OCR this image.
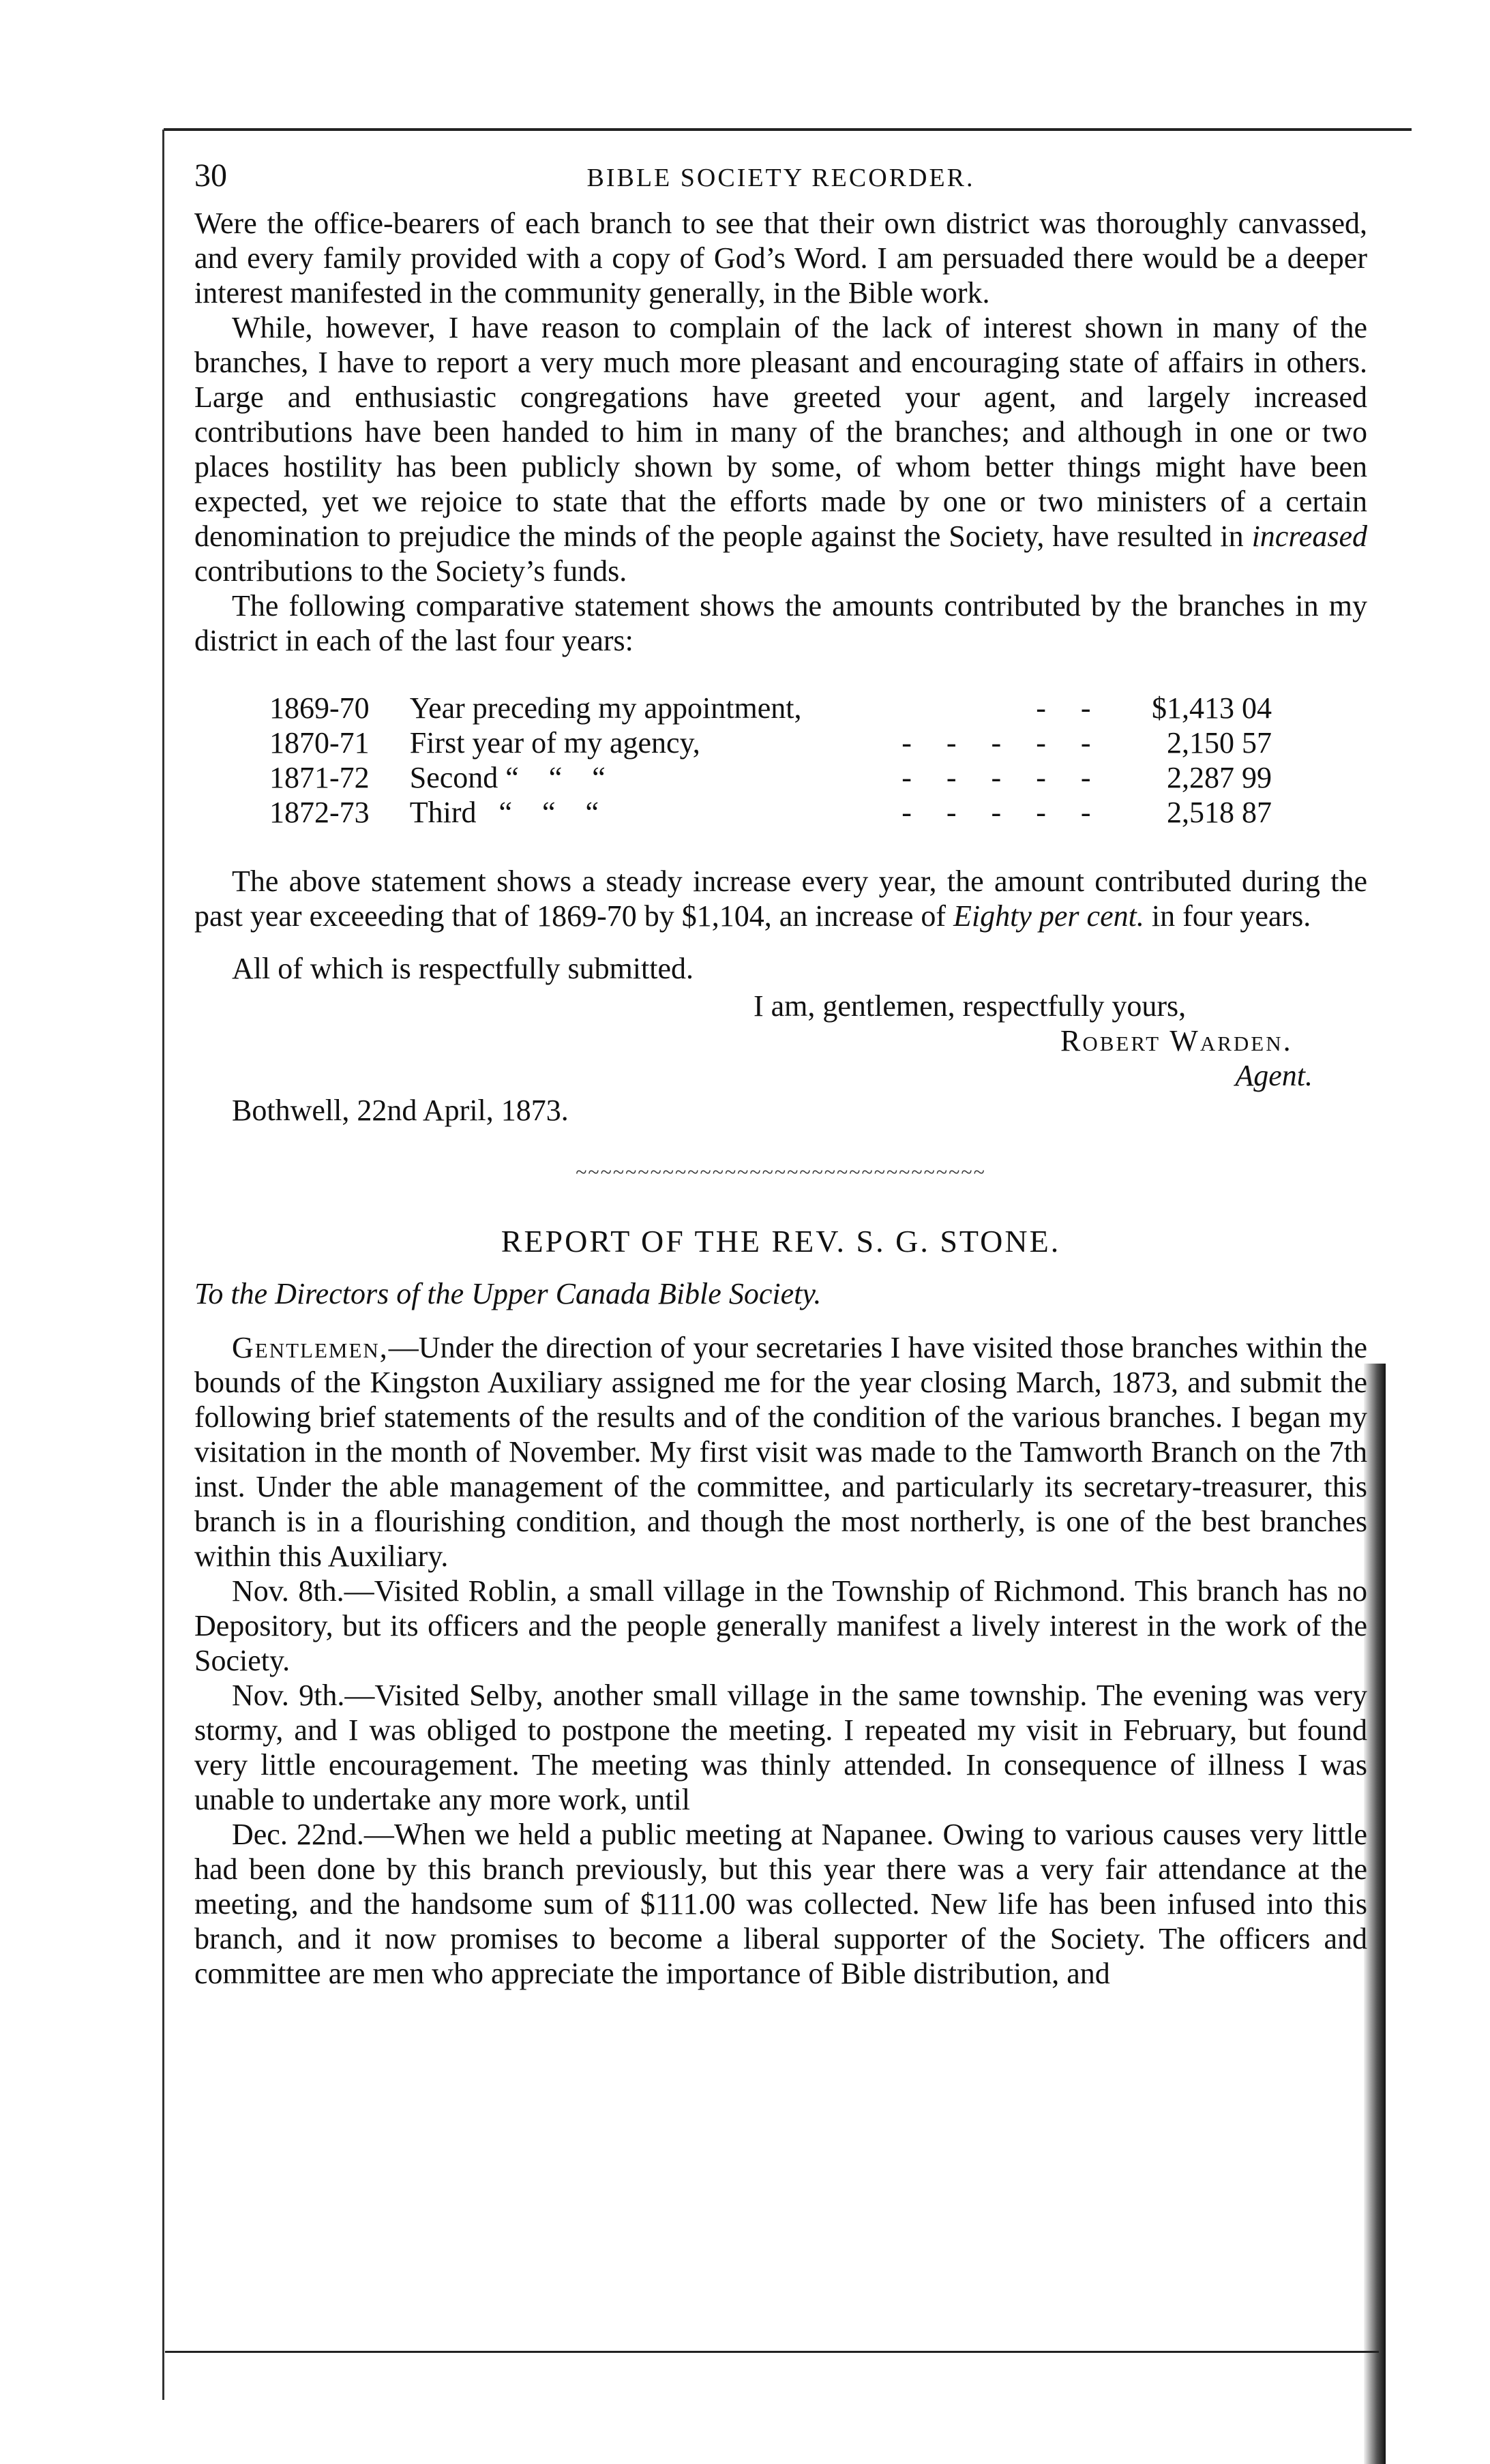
30	BIBLE SOCIETY RECORDER.

Were the office-bearers of each branch to see that their own district was thoroughly canvassed, and every family provided with a copy of God’s Word. I am persuaded there would be a deeper interest manifested in the community generally, in the Bible work.

While, however, I have reason to complain of the lack of interest shown in many of the branches, I have to report a very much more pleasant and encouraging state of affairs in others. Large and enthusiastic congregations have greeted your agent, and largely increased contributions have been handed to him in many of the branches; and although in one or two places hostility has been publicly shown by some, of whom better things might have been expected, yet we rejoice to state that the efforts made by one or two ministers of a certain denomination to prejudice the minds of the people against the Society, have resulted in increased contributions to the Society’s funds.

The following comparative statement shows the amounts contributed by the branches in my district in each of the last four years:

1869-70	Year preceding my appointment,	- -	$1,413 04
1870-71	First year of my agency,	- - - - -	2,150 57
1871-72	Second “    “    “	- - - - -	2,287 99
1872-73	Third   “    “    “	- - - - -	2,518 87

The above statement shows a steady increase every year, the amount contributed during the past year exceeeding that of 1869-70 by $1,104, an increase of Eighty per cent. in four years.

All of which is respectfully submitted.

I am, gentlemen, respectfully yours,
Robert Warden.
Agent.
Bothwell, 22nd April, 1873.
~~~~~~~~~~~~~~~~~~~~~~~~~~~~~~~~~
REPORT OF THE REV. S. G. STONE.
To the Directors of the Upper Canada Bible Society.

Gentlemen,—Under the direction of your secretaries I have visited those branches within the bounds of the Kingston Auxiliary assigned me for the year closing March, 1873, and submit the following brief statements of the results and of the condition of the various branches. I began my visitation in the month of November. My first visit was made to the Tamworth Branch on the 7th inst. Under the able management of the committee, and particularly its secretary-treasurer, this branch is in a flourishing condition, and though the most northerly, is one of the best branches within this Auxiliary.

Nov. 8th.—Visited Roblin, a small village in the Township of Richmond. This branch has no Depository, but its officers and the people generally manifest a lively interest in the work of the Society.

Nov. 9th.—Visited Selby, another small village in the same township. The evening was very stormy, and I was obliged to postpone the meeting. I repeated my visit in February, but found very little encouragement. The meeting was thinly attended. In consequence of illness I was unable to undertake any more work, until

Dec. 22nd.—When we held a public meeting at Napanee. Owing to various causes very little had been done by this branch previously, but this year there was a very fair attendance at the meeting, and the handsome sum of $111.00 was collected. New life has been infused into this branch, and it now promises to become a liberal supporter of the Society. The officers and committee are men who appreciate the importance of Bible distribution, and
